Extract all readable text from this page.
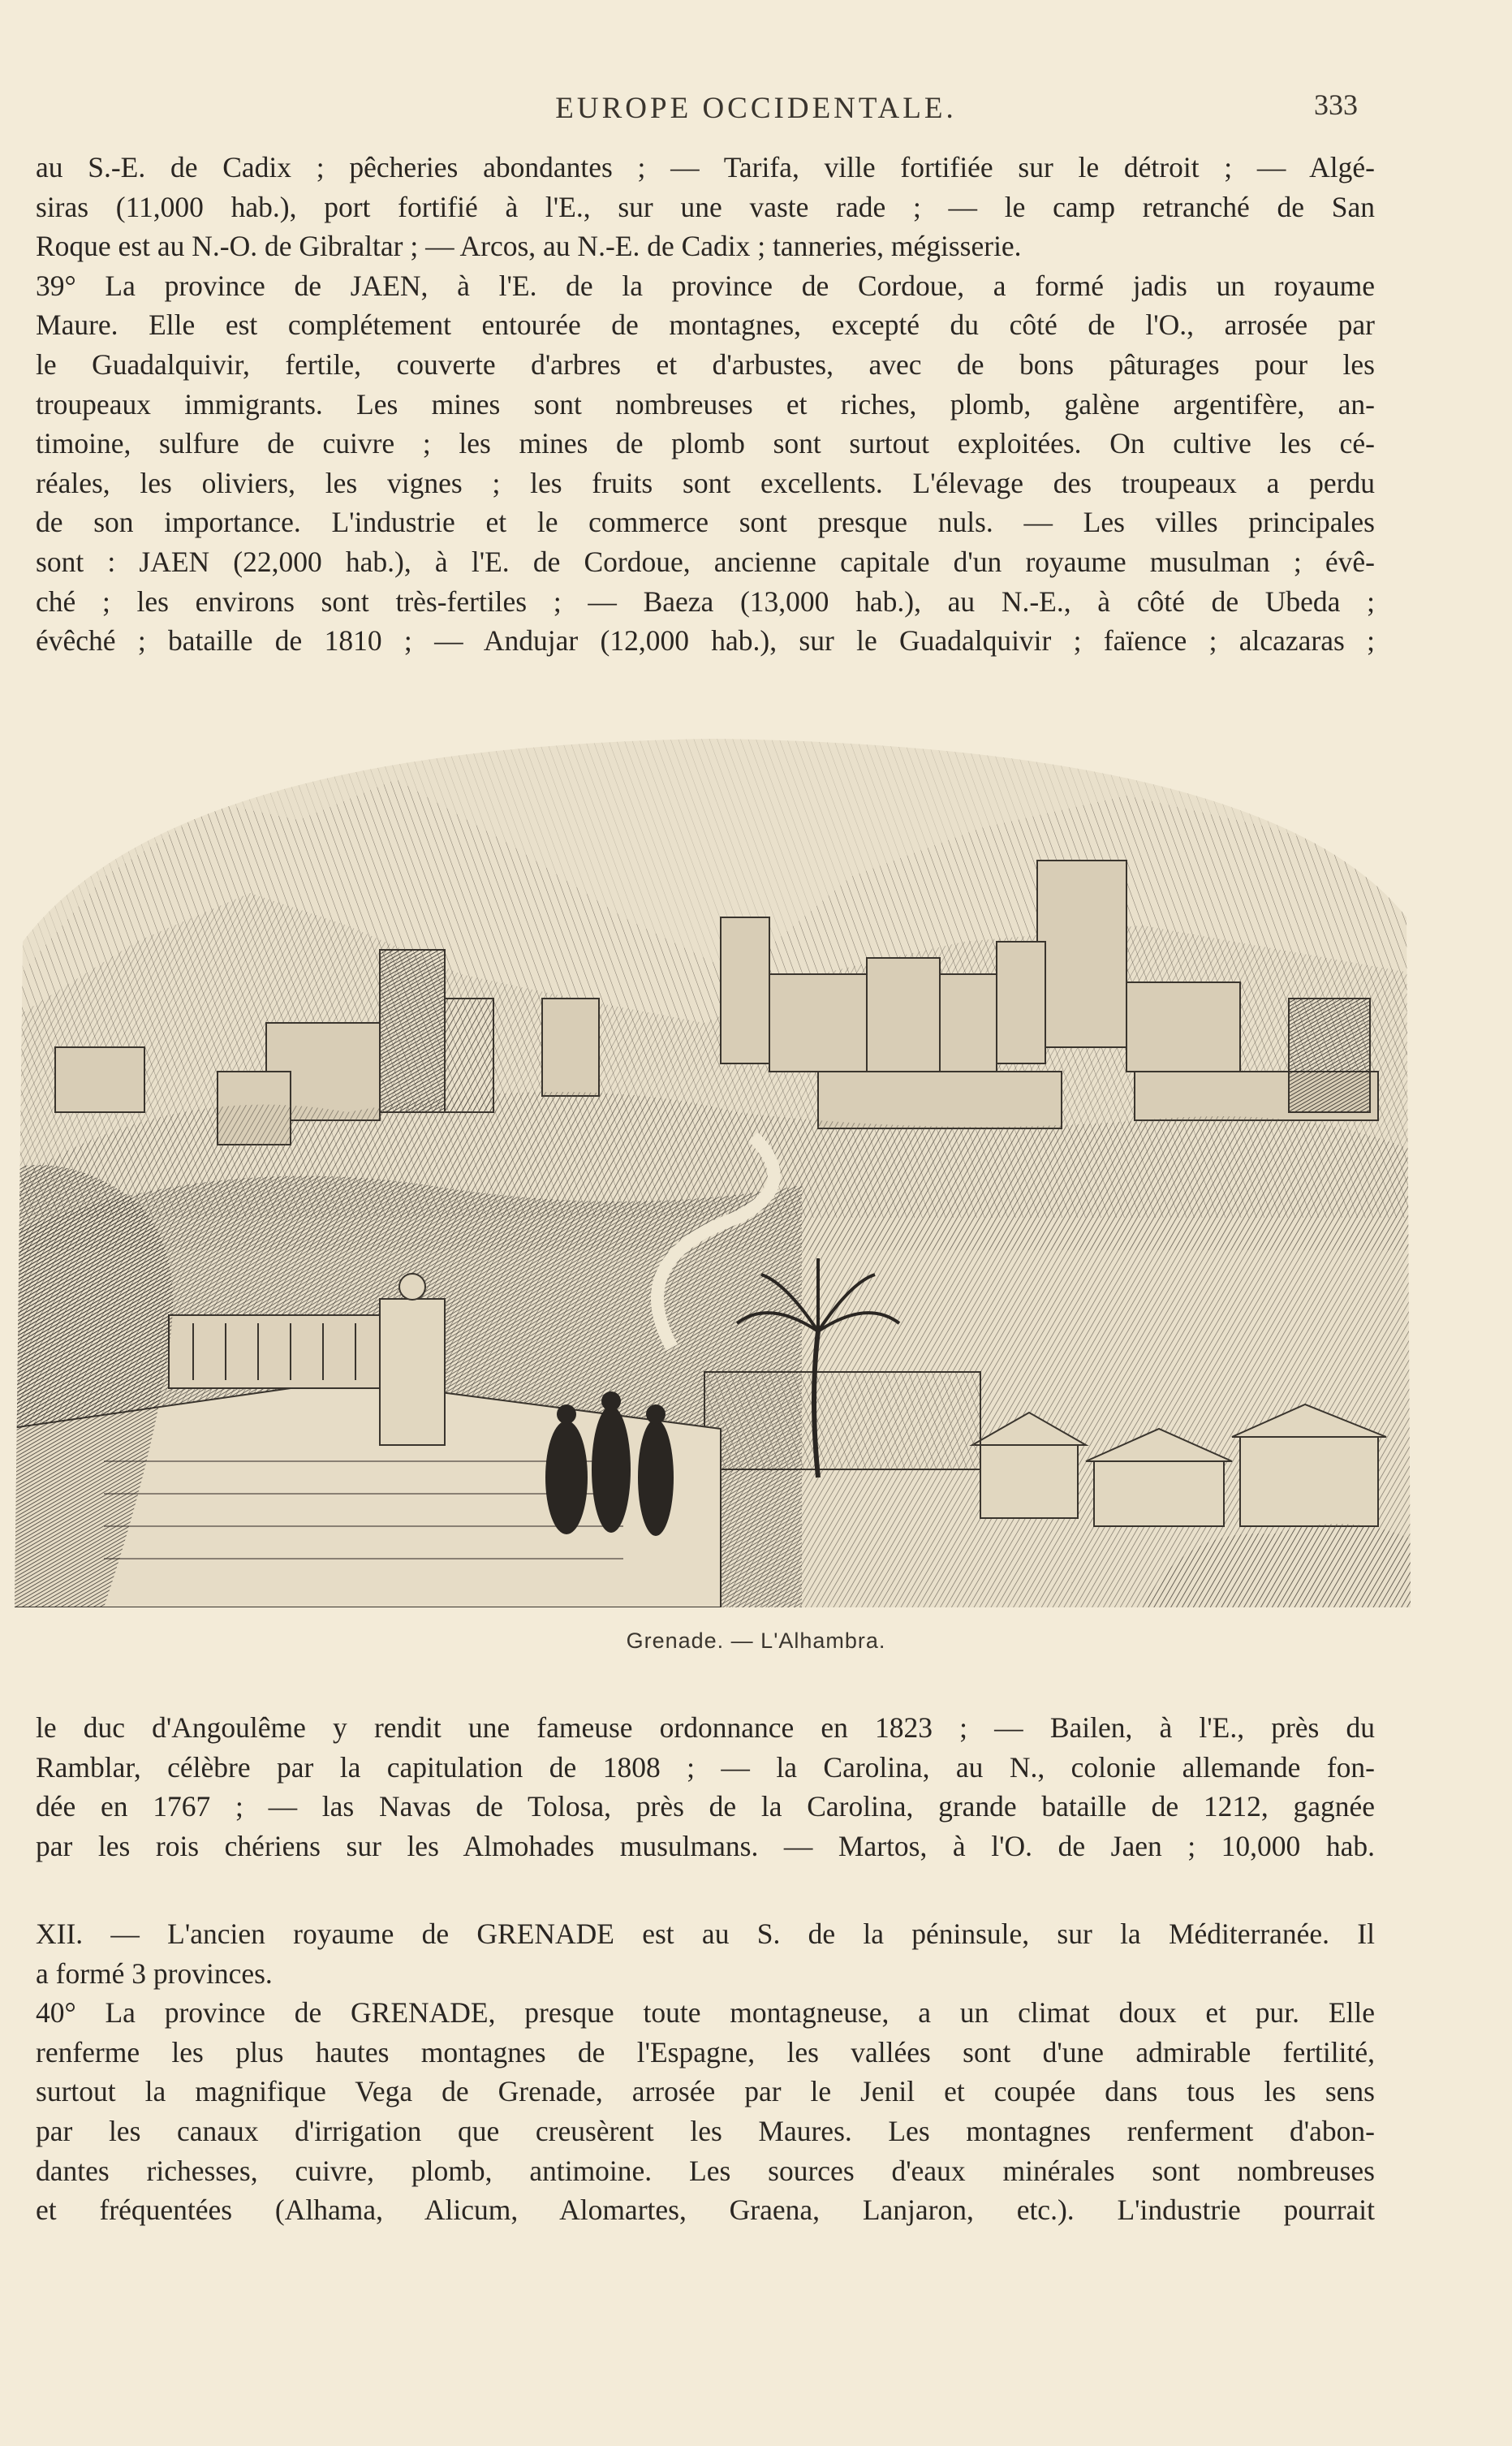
EUROPE OCCIDENTALE.	333

au S.-E. de Cadix ; pêcheries abondantes ; — Tarifa, ville fortifiée sur le détroit ; — Algé-
siras (11,000 hab.), port fortifié à l'E., sur une vaste rade ; — le camp retranché de San
Roque est au N.-O. de Gibraltar ; — Arcos, au N.-E. de Cadix ; tanneries, mégisserie.
39° La province de JAEN, à l'E. de la province de Cordoue, a formé jadis un royaume
Maure. Elle est complétement entourée de montagnes, excepté du côté de l'O., arrosée par
le Guadalquivir, fertile, couverte d'arbres et d'arbustes, avec de bons pâturages pour les
troupeaux immigrants. Les mines sont nombreuses et riches, plomb, galène argentifère, an-
timoine, sulfure de cuivre ; les mines de plomb sont surtout exploitées. On cultive les cé-
réales, les oliviers, les vignes ; les fruits sont excellents. L'élevage des troupeaux a perdu
de son importance. L'industrie et le commerce sont presque nuls. — Les villes principales
sont : JAEN (22,000 hab.), à l'E. de Cordoue, ancienne capitale d'un royaume musulman ; évê-
ché ; les environs sont très-fertiles ; — Baeza (13,000 hab.), au N.-E., à côté de Ubeda ;
évêché ; bataille de 1810 ; — Andujar (12,000 hab.), sur le Guadalquivir ; faïence ; alcazaras ;

Grenade. — L'Alhambra.

le duc d'Angoulême y rendit une fameuse ordonnance en 1823 ; — Bailen, à l'E., près du
Ramblar, célèbre par la capitulation de 1808 ; — la Carolina, au N., colonie allemande fon-
dée en 1767 ; — las Navas de Tolosa, près de la Carolina, grande bataille de 1212, gagnée
par les rois chériens sur les Almohades musulmans. — Martos, à l'O. de Jaen ; 10,000 hab.

XII. — L'ancien royaume de GRENADE est au S. de la péninsule, sur la Méditerranée. Il
a formé 3 provinces.
40° La province de GRENADE, presque toute montagneuse, a un climat doux et pur. Elle
renferme les plus hautes montagnes de l'Espagne, les vallées sont d'une admirable fertilité,
surtout la magnifique Vega de Grenade, arrosée par le Jenil et coupée dans tous les sens
par les canaux d'irrigation que creusèrent les Maures. Les montagnes renferment d'abon-
dantes richesses, cuivre, plomb, antimoine. Les sources d'eaux minérales sont nombreuses
et fréquentées (Alhama, Alicum, Alomartes, Graena, Lanjaron, etc.). L'industrie pourrait
